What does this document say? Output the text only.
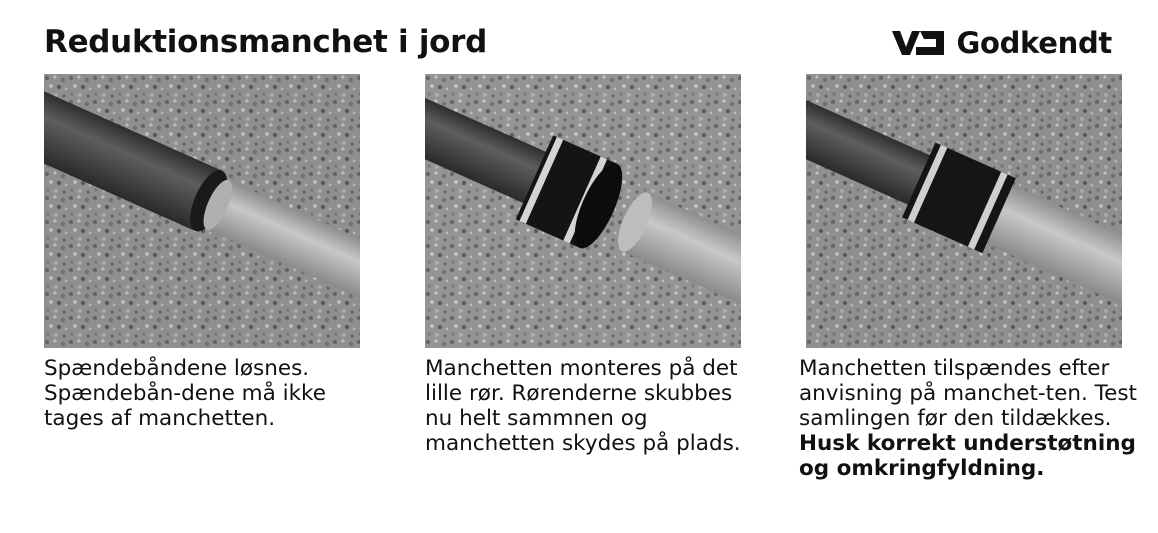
Reduktionsmanchet i jord	Godkendt

Spændebåndene løsnes. Spændebån-dene må ikke tages af manchetten.

Manchetten monteres på det lille rør. Rørenderne skubbes nu helt sammnen og manchetten skydes på plads.

Manchetten tilspændes efter anvisning på manchet-ten. Test samlingen før den tildækkes.

Husk korrekt understøtning og omkringfyldning.
